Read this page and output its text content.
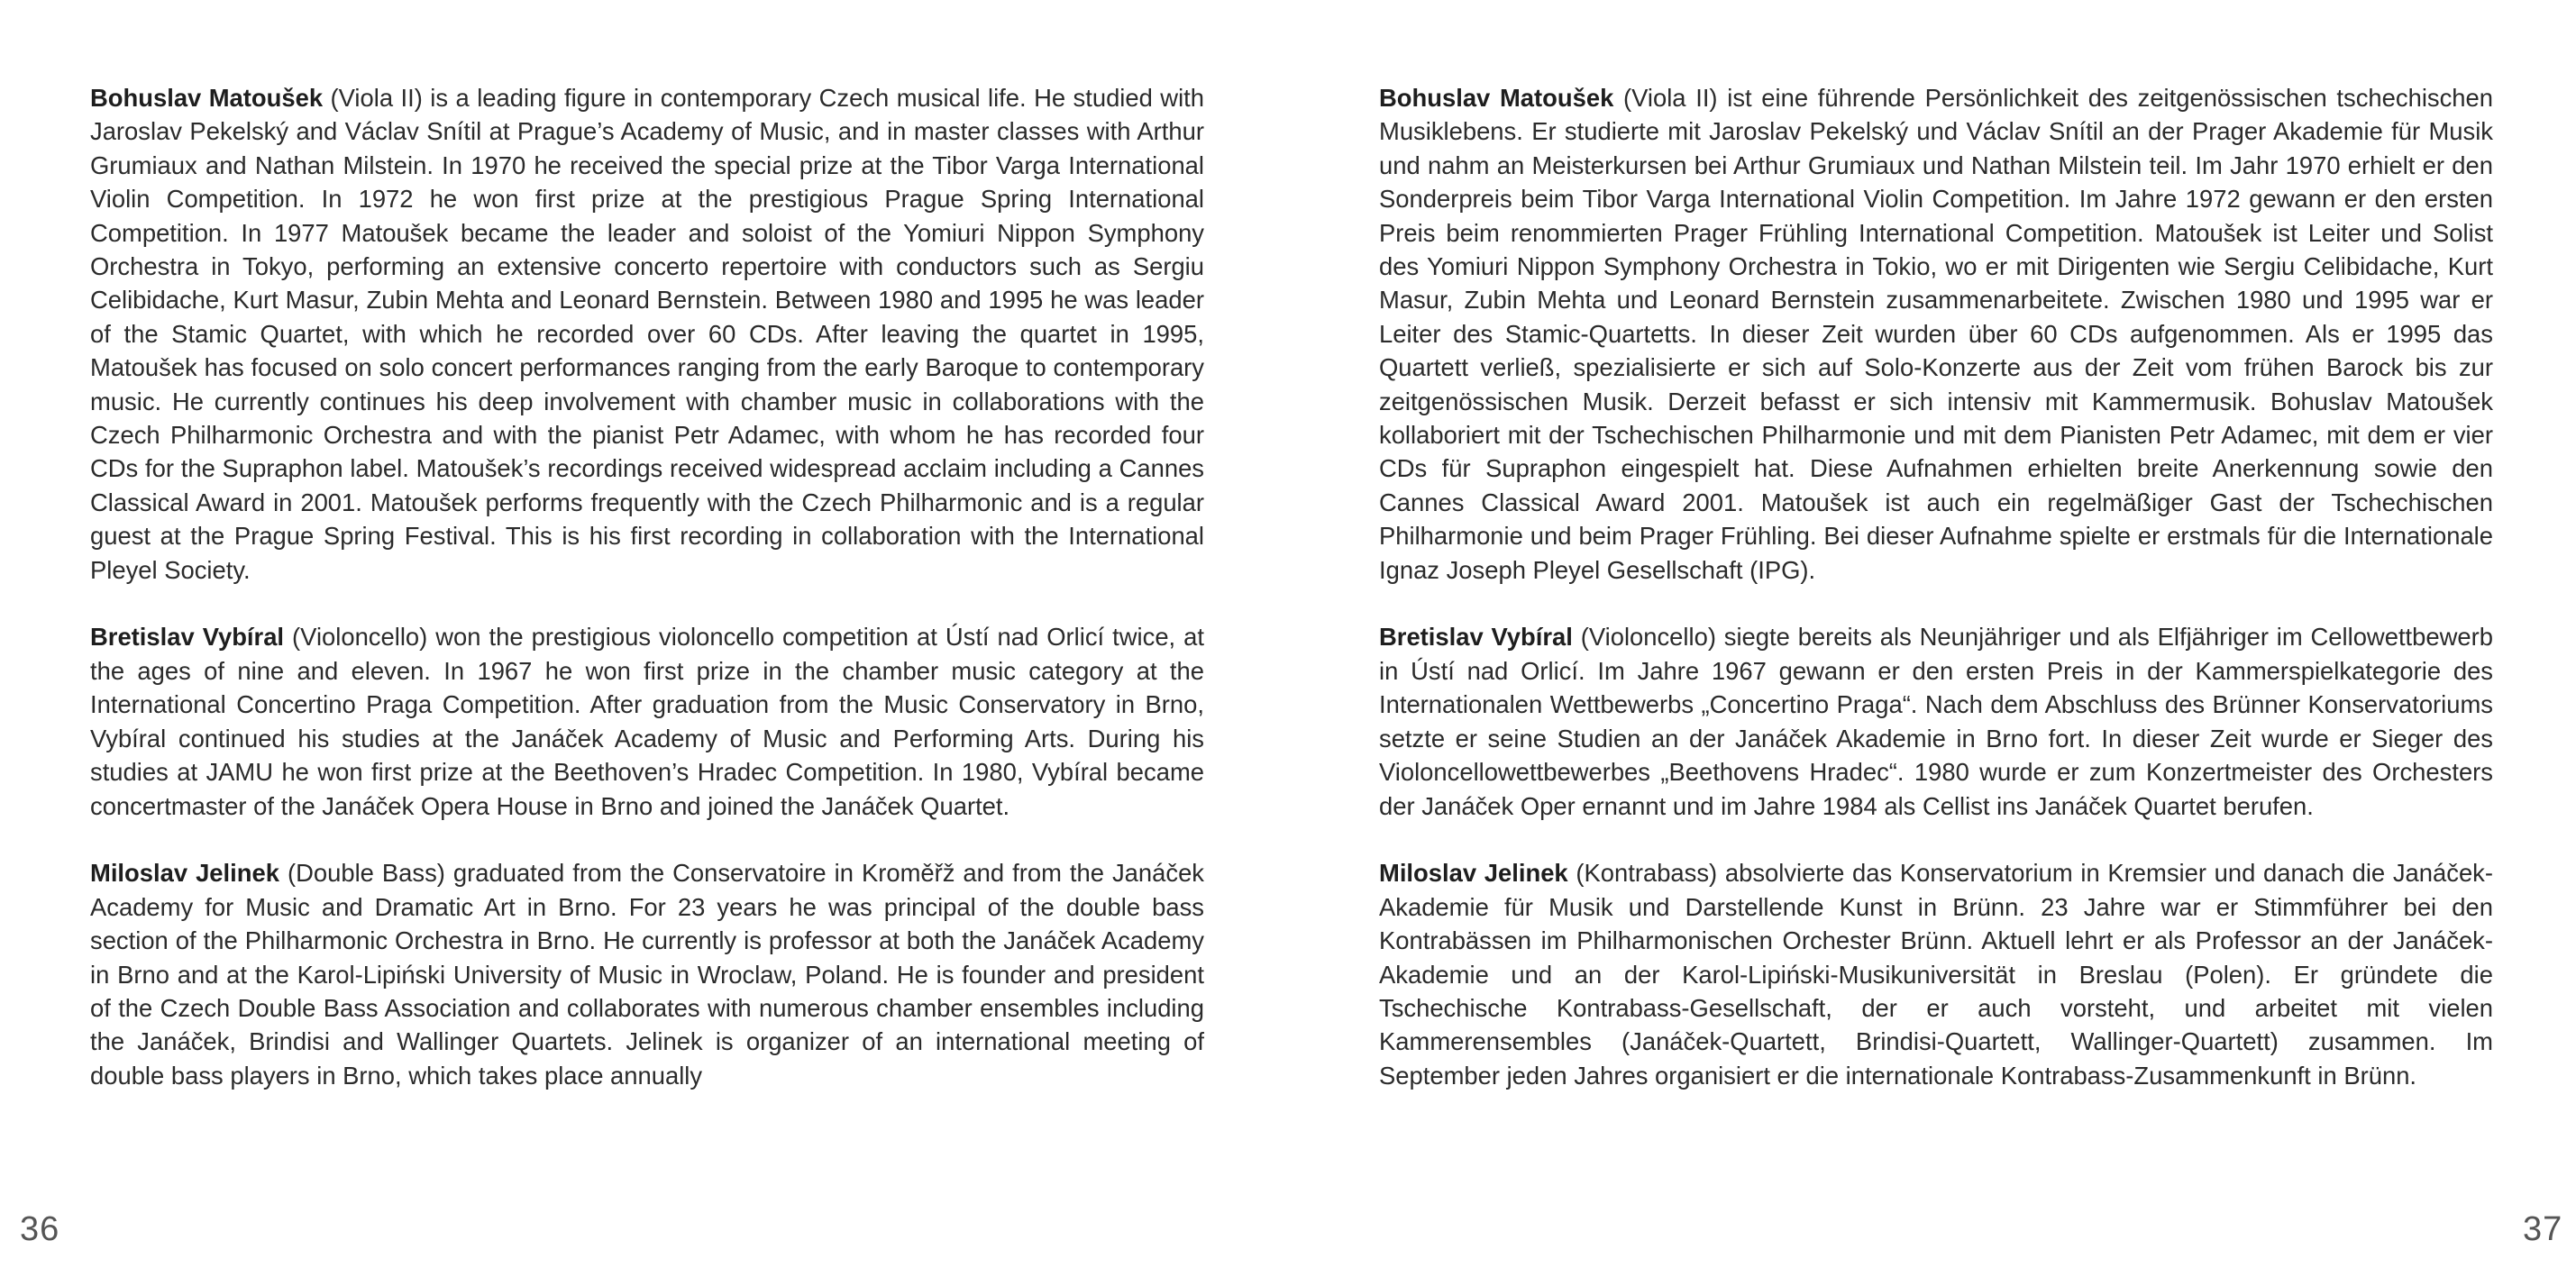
Bohuslav Matoušek (Viola II) is a leading figure in contemporary Czech musical life. He studied with Jaroslav Pekelský and Václav Snítil at Prague’s Academy of Music, and in master classes with Arthur Grumiaux and Nathan Milstein. In 1970 he received the special prize at the Tibor Varga International Violin Competition. In 1972 he won first prize at the prestigious Prague Spring International Competition. In 1977 Matoušek became the leader and soloist of the Yomiuri Nippon Symphony Orchestra in Tokyo, performing an extensive concerto repertoire with conductors such as Sergiu Celibidache, Kurt Masur, Zubin Mehta and Leonard Bernstein. Between 1980 and 1995 he was leader of the Stamic Quartet, with which he recorded over 60 CDs. After leaving the quartet in 1995, Matoušek has focused on solo concert performances ranging from the early Baroque to contemporary music. He currently continues his deep involvement with chamber music in collaborations with the Czech Philharmonic Orchestra and with the pianist Petr Adamec, with whom he has recorded four CDs for the Supraphon label. Matoušek’s recordings received widespread acclaim including a Cannes Classical Award in 2001. Matoušek performs frequently with the Czech Philharmonic and is a regular guest at the Prague Spring Festival. This is his first recording in collaboration with the International Pleyel Society.

Bretislav Vybíral (Violoncello) won the prestigious violoncello competition at Ústí nad Orlicí twice, at the ages of nine and eleven. In 1967 he won first prize in the chamber music category at the International Concertino Praga Competition. After graduation from the Music Conservatory in Brno, Vybíral continued his studies at the Janáček Academy of Music and Performing Arts. During his studies at JAMU he won first prize at the Beethoven’s Hradec Competition. In 1980, Vybíral became concertmaster of the Janáček Opera House in Brno and joined the Janáček Quartet.

Miloslav Jelinek (Double Bass) graduated from the Conservatoire in Kroměřž and from the Janáček Academy for Music and Dramatic Art in Brno. For 23 years he was principal of the double bass section of the Philharmonic Orchestra in Brno. He currently is professor at both the Janáček Academy in Brno and at the Karol-Lipiński University of Music in Wroclaw, Poland. He is founder and president of the Czech Double Bass Association and collaborates with numerous chamber ensembles including the Janáček, Brindisi and Wallinger Quartets. Jelinek is organizer of an international meeting of double bass players in Brno, which takes place annually

36

Bohuslav Matoušek (Viola II) ist eine führende Persönlichkeit des zeitgenössischen tschechischen Musiklebens. Er studierte mit Jaroslav Pekelský und Václav Snítil an der Prager Akademie für Musik und nahm an Meisterkursen bei Arthur Grumiaux und Nathan Milstein teil. Im Jahr 1970 erhielt er den Sonderpreis beim Tibor Varga International Violin Competition. Im Jahre 1972 gewann er den ersten Preis beim renommierten Prager Frühling International Competition. Matoušek ist Leiter und Solist des Yomiuri Nippon Symphony Orchestra in Tokio, wo er mit Dirigenten wie Sergiu Celibidache, Kurt Masur, Zubin Mehta und Leonard Bernstein zusammenarbeitete. Zwischen 1980 und 1995 war er Leiter des Stamic-Quartetts. In dieser Zeit wurden über 60 CDs aufgenommen. Als er 1995 das Quartett verließ, spezialisierte er sich auf Solo-Konzerte aus der Zeit vom frühen Barock bis zur zeitgenössischen Musik. Derzeit befasst er sich intensiv mit Kammermusik. Bohuslav Matoušek kollaboriert mit der Tschechischen Philharmonie und mit dem Pianisten Petr Adamec, mit dem er vier CDs für Supraphon eingespielt hat. Diese Aufnahmen erhielten breite Anerkennung sowie den Cannes Classical Award 2001. Matoušek ist auch ein regelmäßiger Gast der Tschechischen Philharmonie und beim Prager Frühling. Bei dieser Aufnahme spielte er erstmals für die Internationale Ignaz Joseph Pleyel Gesellschaft (IPG).

Bretislav Vybíral (Violoncello) siegte bereits als Neunjähriger und als Elfjähriger im Cellowettbewerb in Ústí nad Orlicí. Im Jahre 1967 gewann er den ersten Preis in der Kammerspielkategorie des Internationalen Wettbewerbs „Concertino Praga“. Nach dem Abschluss des Brünner Konservatoriums setzte er seine Studien an der Janáček Akademie in Brno fort. In dieser Zeit wurde er Sieger des Violoncellowettbewerbes „Beethovens Hradec“. 1980 wurde er zum Konzertmeister des Orchesters der Janáček Oper ernannt und im Jahre 1984 als Cellist ins Janáček Quartet berufen.

Miloslav Jelinek (Kontrabass) absolvierte das Konservatorium in Kremsier und danach die Janáček-Akademie für Musik und Darstellende Kunst in Brünn. 23 Jahre war er Stimmführer bei den Kontrabässen im Philharmonischen Orchester Brünn. Aktuell lehrt er als Professor an der Janáček-Akademie und an der Karol-Lipiński-Musikuniversität in Breslau (Polen). Er gründete die Tschechische Kontrabass-Gesellschaft, der er auch vorsteht, und arbeitet mit vielen Kammerensembles (Janáček-Quartett, Brindisi-Quartett, Wallinger-Quartett) zusammen. Im September jeden Jahres organisiert er die internationale Kontrabass-Zusammenkunft in Brünn.

37
